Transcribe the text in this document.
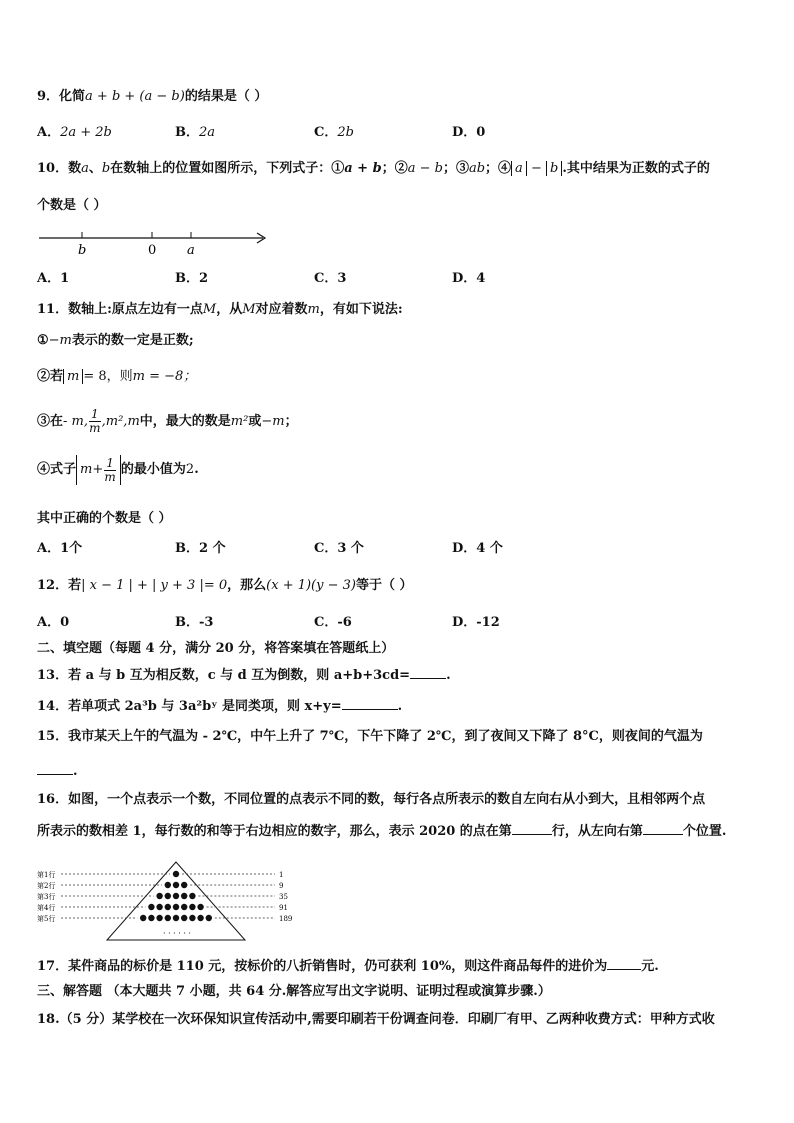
9．化简a + b + (a − b)的结果是（ ）
A．2a + 2b	B．2a	C．2b	D．0
10．数a、b在数轴上的位置如图所示，下列式子：①a + b；②a − b；③ab；④ a − b .其中结果为正数的式子的
个数是（ ）
b	0 a
A．1	B．2	C．3	D．4
11．数轴上:原点左边有一点M，从M对应着数m，有如下说法:
①−m表示的数一定是正数;
②若 m = 8，则m = −8；
③在- m, $\frac{1}{m} ,m^2,m$中，最大的数是m²或−m；
④式子 $m+ \frac{1}{m}$ 的最小值为2.
其中正确的个数是（ ）
A．1个	B．2 个	C．3 个	D．4 个
12．若| x − 1 | + | y + 3 |= 0，那么(x + 1)(y − 3)等于（ ）
A．0	B．-3	C．-6	D．-12
二、填空题（每题 4 分，满分 20 分，将答案填在答题纸上）
13．若 a 与 b 互为相反数，c 与 d 互为倒数，则 a+b+3cd=	.
14．若单项式 2a³b 与 3a²bʸ 是同类项，则 x+y=	.
15．我市某天上午的气温为 - 2℃，中午上升了 7℃，下午下降了 2℃，到了夜间又下降了 8°C，则夜间的气温为
.
16．如图，一个点表示一个数，不同位置的点表示不同的数，每行各点所表示的数自左向右从小到大，且相邻两个点
所表示的数相差 1，每行数的和等于右边相应的数字，那么，表示 2020 的点在第	行，从左向右第	个位置.
第1行	1
第2行	9
第3行	35
第4行	91
第5行	189
· · · · · ·
17．某件商品的标价是 110 元，按标价的八折销售时，仍可获利 10%，则这件商品每件的进价为	元.
三、解答题 （本大题共 7 小题，共 64 分.解答应写出文字说明、证明过程或演算步骤.）
18.（5 分）某学校在一次环保知识宣传活动中,需要印刷若干份调查问卷．印刷厂有甲、乙两种收费方式：甲种方式收
